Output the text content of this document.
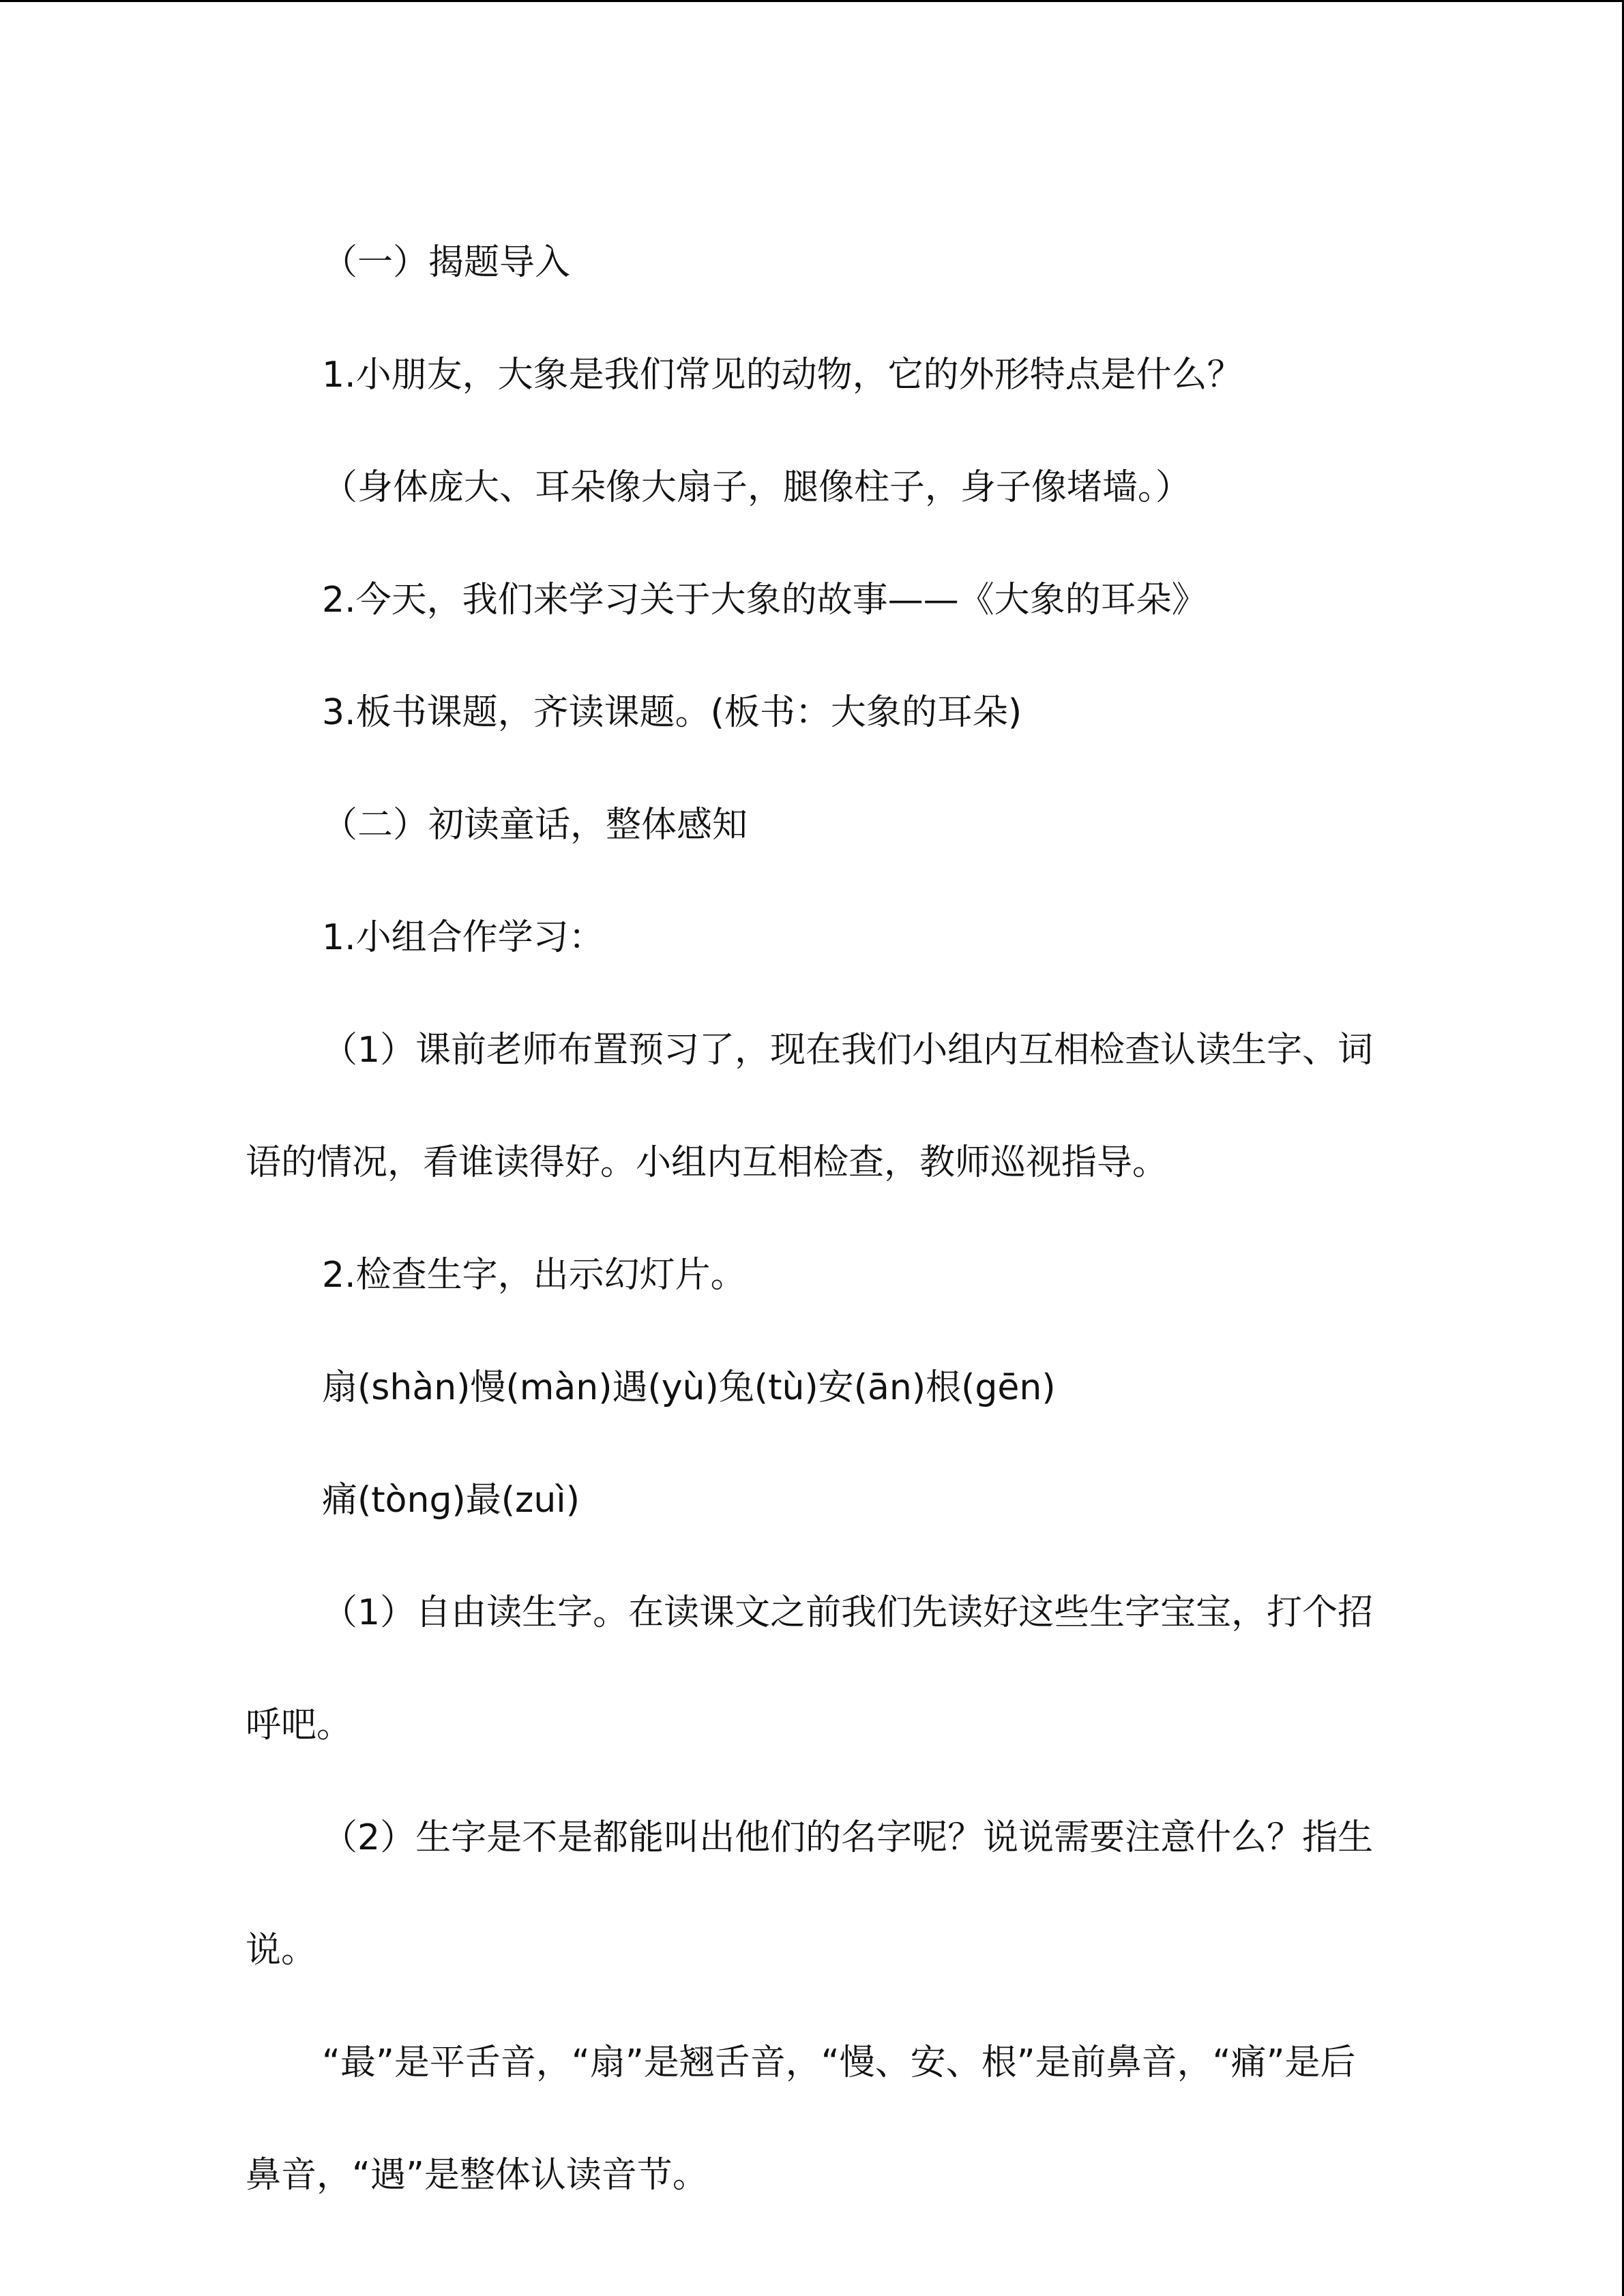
（一）揭题导入

1.小朋友，大象是我们常见的动物，它的外形特点是什么？

（身体庞大、耳朵像大扇子，腿像柱子，身子像堵墙。）

2.今天，我们来学习关于大象的故事——《大象的耳朵》

3.板书课题，齐读课题。(板书：大象的耳朵)

（二）初读童话，整体感知

1.小组合作学习：

（1）课前老师布置预习了，现在我们小组内互相检查认读生字、词语的情况，看谁读得好。小组内互相检查，教师巡视指导。

2.检查生字，出示幻灯片。

扇(shàn)慢(màn)遇(yù)兔(tù)安(ān)根(gēn)

痛(tònɡ)最(zuì)

（1）自由读生字。在读课文之前我们先读好这些生字宝宝，打个招呼吧。

（2）生字是不是都能叫出他们的名字呢？说说需要注意什么？指生说。

“最”是平舌音，“扇”是翘舌音，“慢、安、根”是前鼻音，“痛”是后鼻音，“遇”是整体认读音节。
